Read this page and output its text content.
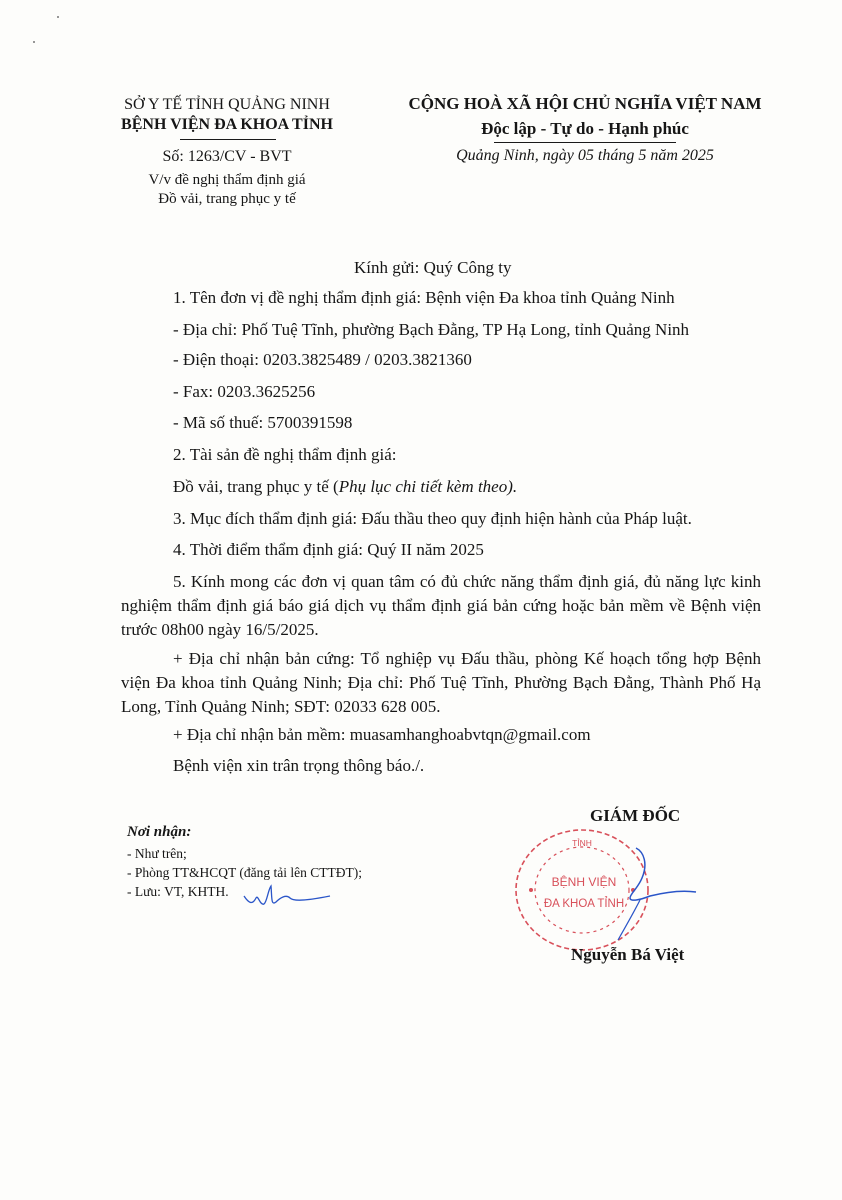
SỞ Y TẾ TỈNH QUẢNG NINH
BỆNH VIỆN ĐA KHOA TỈNH
Số: 1263/CV - BVT
V/v đề nghị thẩm định giá
Đồ vải, trang phục y tế
CỘNG HOÀ XÃ HỘI CHỦ NGHĨA VIỆT NAM
Độc lập - Tự do - Hạnh phúc
Quảng Ninh, ngày 05 tháng 5 năm 2025
Kính gửi: Quý Công ty
1. Tên đơn vị đề nghị thẩm định giá: Bệnh viện Đa khoa tỉnh Quảng Ninh
- Địa chỉ: Phố Tuệ Tĩnh, phường Bạch Đằng, TP Hạ Long, tỉnh Quảng Ninh
- Điện thoại: 0203.3825489 / 0203.3821360
- Fax: 0203.3625256
- Mã số thuế: 5700391598
2. Tài sản đề nghị thẩm định giá:
Đồ vải, trang phục y tế (Phụ lục chi tiết kèm theo).
3. Mục đích thẩm định giá: Đấu thầu theo quy định hiện hành của Pháp luật.
4. Thời điểm thẩm định giá: Quý II năm 2025
5. Kính mong các đơn vị quan tâm có đủ chức năng thẩm định giá, đủ năng lực kinh nghiệm thẩm định giá báo giá dịch vụ thẩm định giá bản cứng hoặc bản mềm về Bệnh viện trước 08h00 ngày 16/5/2025.
+ Địa chỉ nhận bản cứng: Tổ nghiệp vụ Đấu thầu, phòng Kế hoạch tổng hợp Bệnh viện Đa khoa tỉnh Quảng Ninh; Địa chỉ: Phố Tuệ Tĩnh, Phường Bạch Đằng, Thành Phố Hạ Long, Tỉnh Quảng Ninh; SĐT: 02033 628 005.
+ Địa chỉ nhận bản mềm: muasamhanghoabvtqn@gmail.com
Bệnh viện xin trân trọng thông báo./.
Nơi nhận:
- Như trên;
- Phòng TT&HCQT (đăng tải lên CTTĐT);
- Lưu: VT, KHTH.
GIÁM ĐỐC
TỈNH
BỆNH VIỆN
ĐA KHOA TỈNH
Nguyễn Bá Việt
